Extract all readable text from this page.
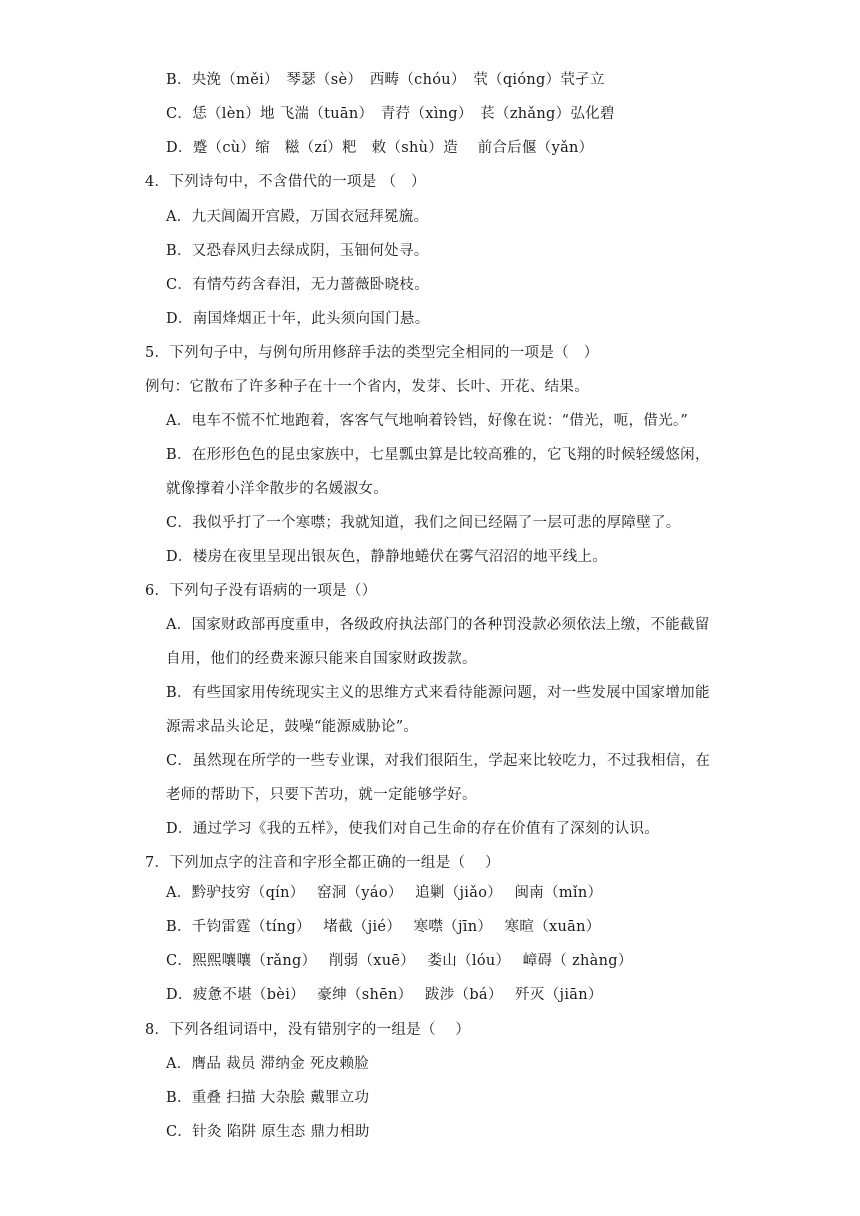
B．央浼（měi）　琴瑟（sè）　西畴（chóu）　茕（qióng）茕孑立
C．恁（lèn）地 飞湍（tuān）　青荇（xìng）　苌（zhǎng）弘化碧
D．蹙（cù）缩　糍（zí）粑　敕（shù）造　 前合后偃（yǎn）
4．下列诗句中，不含借代的一项是 （　）
A．九天阊阖开宫殿，万国衣冠拜冕旒。
B．又恐春风归去绿成阴，玉钿何处寻。
C．有情芍药含春泪，无力蔷薇卧晓枝。
D．南国烽烟正十年，此头须向国门悬。
5．下列句子中，与例句所用修辞手法的类型完全相同的一项是（　）
例句：它散布了许多种子在十一个省内，发芽、长叶、开花、结果。
A．电车不慌不忙地跑着，客客气气地响着铃铛，好像在说：“借光，呃，借光。”
B．在形形色色的昆虫家族中，七星瓢虫算是比较高雅的，它飞翔的时候轻缓悠闲，
就像撑着小洋伞散步的名媛淑女。
C．我似乎打了一个寒噤；我就知道，我们之间已经隔了一层可悲的厚障壁了。
D．楼房在夜里呈现出银灰色，静静地蜷伏在雾气沼沼的地平线上。
6．下列句子没有语病的一项是（）
A．国家财政部再度重申，各级政府执法部门的各种罚没款必须依法上缴，不能截留
自用，他们的经费来源只能来自国家财政拨款。
B．有些国家用传统现实主义的思维方式来看待能源问题，对一些发展中国家增加能
源需求品头论足，鼓噪“能源威胁论”。
C．虽然现在所学的一些专业课，对我们很陌生，学起来比较吃力，不过我相信，在
老师的帮助下，只要下苦功，就一定能够学好。
D．通过学习《我的五样》，使我们对自己生命的存在价值有了深刻的认识。
7．下列加点字的注音和字形全都正确的一组是（　 ）
A．黔驴技穷（qín）　 窑洞（yáo）　 追剿（jiǎo）　 闽南（mǐn）
B．千钧雷霆（tíng）　 堵截（jié）　 寒噤（jīn）　 寒暄（xuān）
C．熙熙嚷嚷（rǎng）　 削弱（xuē）　 娄山（lóu）　 嶂碍（ zhàng）
D．疲惫不堪（bèi）　 豪绅（shēn）　 跋涉（bá）　 歼灭（jiān）
8．下列各组词语中，没有错别字的一组是（　 ）
A．膺品 裁员 滞纳金 死皮赖脸
B．重叠 扫描 大杂脍 戴罪立功
C．针灸 陷阱 原生态 鼎力相助
